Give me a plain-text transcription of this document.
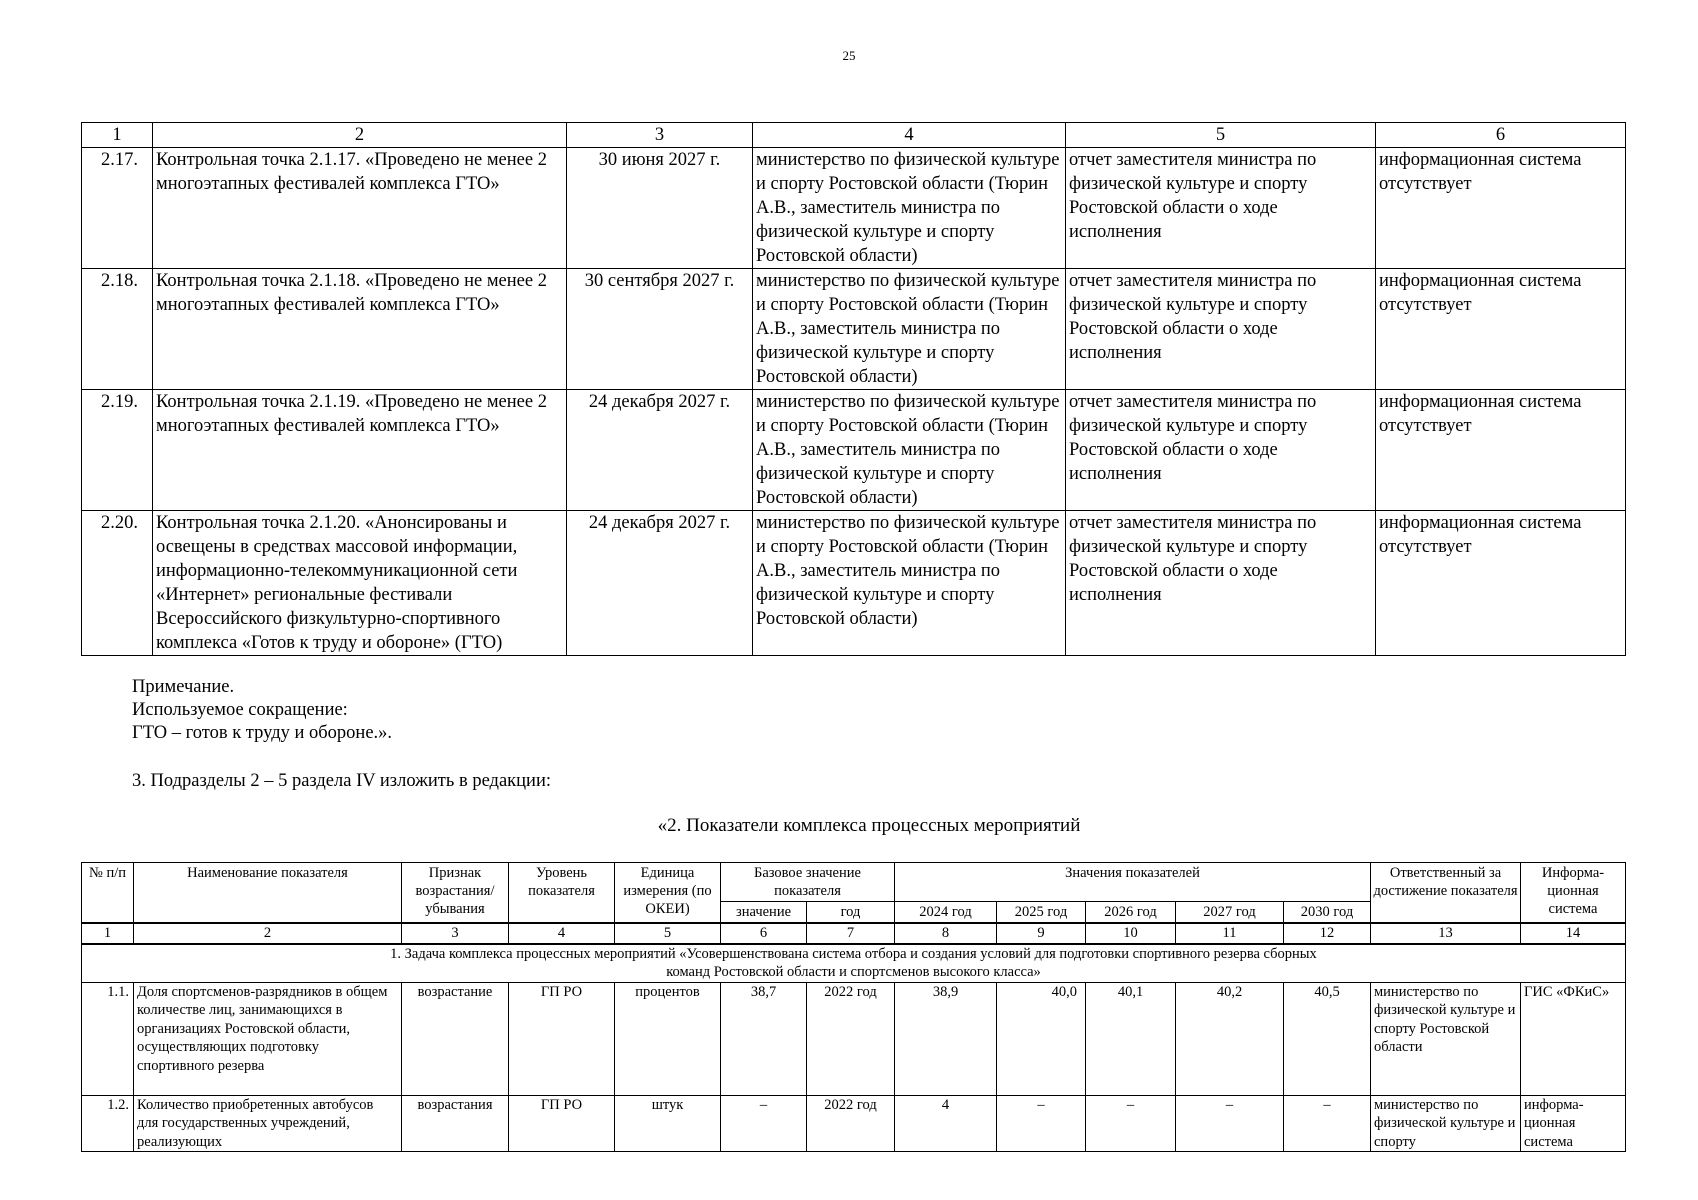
25
1	2	3	4	5	6
2.17.	Контрольная точка 2.1.17. «Проведено не менее 2 многоэтапных фестивалей комплекса ГТО»	30 июня 2027 г.	министерство по физической культуре и спорту Ростовской области (Тюрин А.В., заместитель министра по физической культуре и спорту Ростовской области)	отчет заместителя министра по физической культуре и спорту Ростовской области о ходе исполнения	информационная система отсутствует
2.18.	Контрольная точка 2.1.18. «Проведено не менее 2 многоэтапных фестивалей комплекса ГТО»	30 сентября 2027 г.	министерство по физической культуре и спорту Ростовской области (Тюрин А.В., заместитель министра по физической культуре и спорту Ростовской области)	отчет заместителя министра по физической культуре и спорту Ростовской области о ходе исполнения	информационная система отсутствует
2.19.	Контрольная точка 2.1.19. «Проведено не менее 2 многоэтапных фестивалей комплекса ГТО»	24 декабря 2027 г.	министерство по физической культуре и спорту Ростовской области (Тюрин А.В., заместитель министра по физической культуре и спорту Ростовской области)	отчет заместителя министра по физической культуре и спорту Ростовской области о ходе исполнения	информационная система отсутствует
2.20.	Контрольная точка 2.1.20. «Анонсированы и освещены в средствах массовой информации, информационно-телекоммуникационной сети «Интернет» региональные фестивали Всероссийского физкультурно-спортивного комплекса «Готов к труду и обороне» (ГТО)	24 декабря 2027 г.	министерство по физической культуре и спорту Ростовской области (Тюрин А.В., заместитель министра по физической культуре и спорту Ростовской области)	отчет заместителя министра по физической культуре и спорту Ростовской области о ходе исполнения	информационная система отсутствует
Примечание.
Используемое сокращение:
ГТО – готов к труду и обороне.».
3. Подразделы 2 – 5 раздела IV изложить в редакции:
«2. Показатели комплекса процессных мероприятий
№ п/п	Наименование показателя	Признак возрастания/ убывания	Уровень показателя	Единица измерения (по ОКЕИ)	Базовое значение показателя		Значения показателей					Ответственный за достижение показателя	Информа-ционная система
					значение	год	2024 год	2025 год	2026 год	2027 год	2030 год		
1	2	3	4	5	6	7	8	9	10	11	12	13	14
1. Задача комплекса процессных мероприятий «Усовершенствована система отбора и создания условий для подготовки спортивного резерва сборных команд Ростовской области и спортсменов высокого класса»													
1.1.	Доля спортсменов-разрядников в общем количестве лиц, занимающихся в организациях Ростовской области, осуществляющих подготовку спортивного резерва	возрастание	ГП РО	процентов	38,7	2022 год	38,9	40,0	40,1	40,2	40,5	министерство по физической культуре и спорту Ростовской области	ГИС «ФКиС»
1.2.	Количество приобретенных автобусов для государственных учреждений, реализующих	возрастания	ГП РО	штук	–	2022 год	4	–	–	–	–	министерство по физической культуре и спорту	информа-ционная система
